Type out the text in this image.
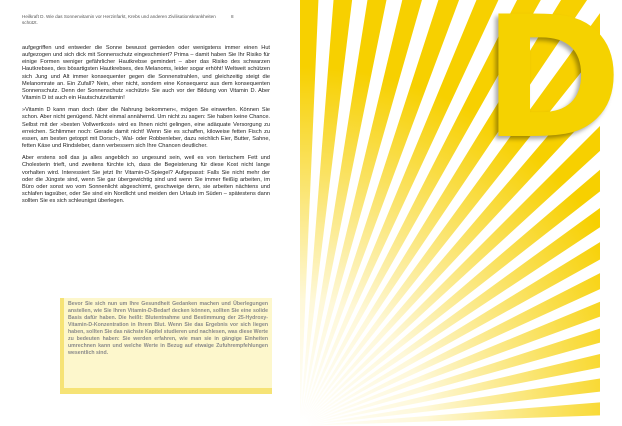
Heilkraft D. Wie das Sonnenvitamin vor Herzinfarkt, Krebs und anderen Zivilisationskrankheiten schützt.
8

aufgegriffen und entweder die Sonne bewusst gemieden oder wenigstens immer einen Hut aufgezogen und sich dick mit Sonnenschutz eingeschmiert? Prima – damit haben Sie Ihr Risiko für einige Formen weniger gefährlicher Hautkrebse gemindert – aber das Risiko des schwarzen Hautkrebses, des bösartigsten Hautkrebses, des Melanoms, leider sogar erhöht! Weltweit schützen sich Jung und Alt immer konsequenter gegen die Sonnenstrahlen, und gleichzeitig steigt die Melanomrate an. Ein Zufall? Nein, eher nicht, sondern eine Konsequenz aus dem konsequenten Sonnenschutz. Denn der Sonnenschutz »schützt« Sie auch vor der Bildung von Vitamin D. Aber Vitamin D ist auch ein Hautschutzvitamin!

»Vitamin D kann man doch über die Nahrung bekommen«, mögen Sie einwerfen. Können Sie schon. Aber nicht genügend. Nicht einmal annähernd. Um nicht zu sagen: Sie haben keine Chance. Selbst mit der »besten Vollwertkost« wird es Ihnen nicht gelingen, eine adäquate Versorgung zu erreichen. Schlimmer noch: Gerade damit nicht! Wenn Sie es schaffen, kiloweise fetten Fisch zu essen, am besten getoppt mit Dorsch-, Wal- oder Robbenleber, dazu reichlich Eier, Butter, Sahne, fetten Käse und Rindsleber, dann verbessern sich Ihre Chancen deutlicher.

Aber erstens soll das ja alles angeblich so ungesund sein, weil es von tierischem Fett und Cholesterin trieft, und zweitens fürchte ich, dass die Begeisterung für diese Kost nicht lange vorhalten wird. Interessiert Sie jetzt Ihr Vitamin-D-Spiegel? Aufgepasst: Falls Sie nicht mehr der oder die Jüngste sind, wenn Sie gar übergewichtig sind und wenn Sie immer fleißig arbeiten, im Büro oder sonst wo vom Sonnenlicht abgeschirmt, geschweige denn, sie arbeiten nächtens und schlafen tagsüber, oder Sie sind ein Nordlicht und meiden den Urlaub im Süden – spätestens dann sollten Sie es sich schleunigst überlegen.

Bevor Sie sich nun um Ihre Gesundheit Gedanken machen und Überlegungen anstellen, wie Sie Ihren Vitamin-D-Bedarf decken können, sollten Sie eine solide Basis dafür haben. Die heißt: Blutentnahme und Bestimmung der 25-Hydroxy-Vitamin-D-Konzentration in Ihrem Blut. Wenn Sie das Ergebnis vor sich liegen haben, sollten Sie das nächste Kapitel studieren und nachlesen, was diese Werte zu bedeuten haben: Sie werden erfahren, wie man sie in gängige Einheiten umrechnen kann und welche Werte in Bezug auf etwaige Zufuhrempfehlungen wesentlich sind.
D
